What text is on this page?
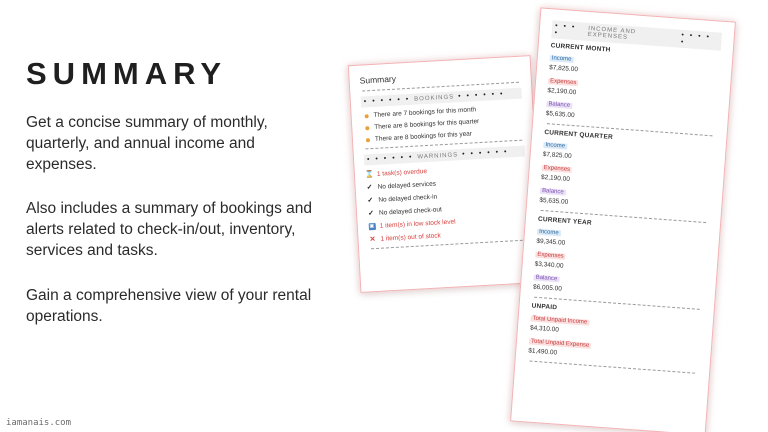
SUMMARY
Get a concise summary of monthly, quarterly, and annual income and expenses.
Also includes a summary of bookings and alerts related to check-in/out, inventory, services and tasks.
Gain a comprehensive view of your rental operations.
iamanais.com
Summary
• • • • • • BOOKINGS • • • • • •
There are 7 bookings for this month
There are 8 bookings for this quarter
There are 8 bookings for this year
• • • • • • WARNINGS • • • • • •
⌛ 1 task(s) overdue
✓ No delayed services
✓ No delayed check-in
✓ No delayed check-out
▣ 1 item(s) in low stock level
✕ 1 item(s) out of stock
• • • •	INCOME AND EXPENSES	• • • • •
CURRENT MONTH
Income
$7,825.00
Expenses
$2,190.00
Balance
$5,635.00
CURRENT QUARTER
Income
$7,825.00
Expenses
$2,190.00
Balance
$5,635.00
CURRENT YEAR
Income
$9,345.00
Expenses
$3,340.00
Balance
$6,005.00
UNPAID
Total Unpaid Income
$4,310.00
Total Unpaid Expense
$1,490.00
